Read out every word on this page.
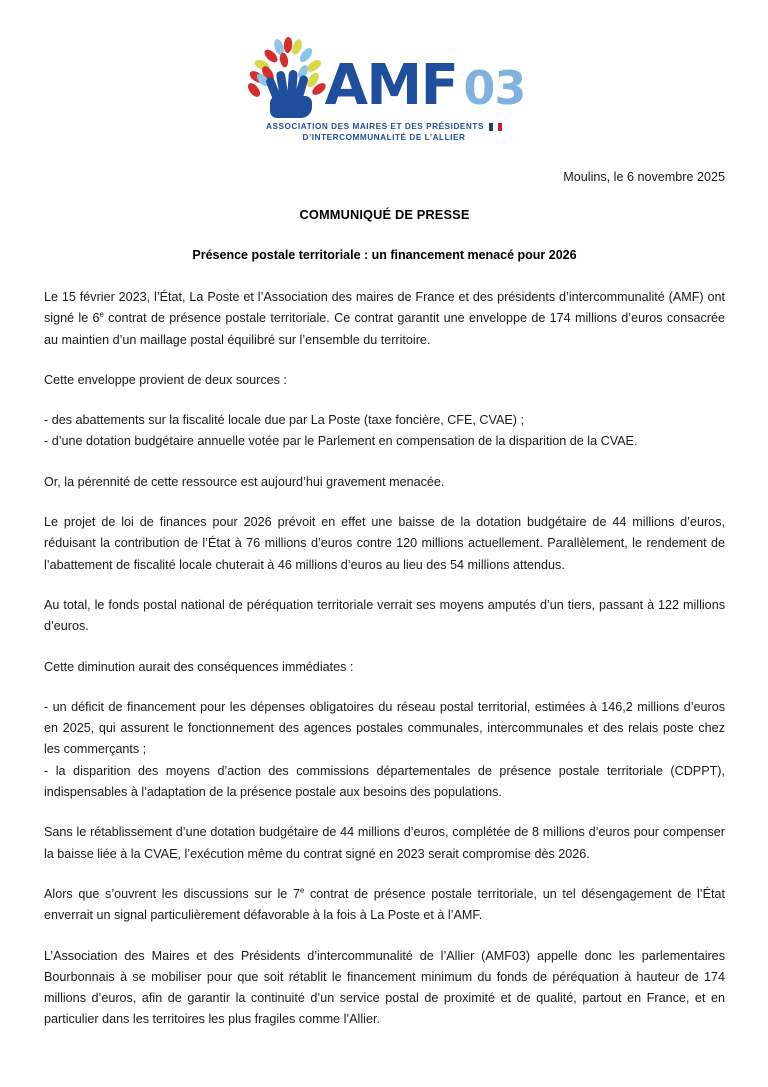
AMF 03
ASSOCIATION DES MAIRES ET DES PRÉSIDENTS
D’INTERCOMMUNALITÉ DE L’ALLIER
Moulins, le 6 novembre 2025
COMMUNIQUÉ DE PRESSE
Présence postale territoriale : un financement menacé pour 2026

Le 15 février 2023, l’État, La Poste et l’Association des maires de France et des présidents d’intercommunalité (AMF) ont signé le 6e contrat de présence postale territoriale. Ce contrat garantit une enveloppe de 174 millions d’euros consacrée au maintien d’un maillage postal équilibré sur l’ensemble du territoire.

Cette enveloppe provient de deux sources :

- des abattements sur la fiscalité locale due par La Poste (taxe foncière, CFE, CVAE) ;

- d’une dotation budgétaire annuelle votée par le Parlement en compensation de la disparition de la CVAE.

Or, la pérennité de cette ressource est aujourd’hui gravement menacée.

Le projet de loi de finances pour 2026 prévoit en effet une baisse de la dotation budgétaire de 44 millions d’euros, réduisant la contribution de l’État à 76 millions d’euros contre 120 millions actuellement. Parallèlement, le rendement de l’abattement de fiscalité locale chuterait à 46 millions d’euros au lieu des 54 millions attendus.

Au total, le fonds postal national de péréquation territoriale verrait ses moyens amputés d’un tiers, passant à 122 millions d’euros.

Cette diminution aurait des conséquences immédiates :

- un déficit de financement pour les dépenses obligatoires du réseau postal territorial, estimées à 146,2 millions d’euros en 2025, qui assurent le fonctionnement des agences postales communales, intercommunales et des relais poste chez les commerçants ;

- la disparition des moyens d’action des commissions départementales de présence postale territoriale (CDPPT), indispensables à l’adaptation de la présence postale aux besoins des populations.

Sans le rétablissement d’une dotation budgétaire de 44 millions d’euros, complétée de 8 millions d’euros pour compenser la baisse liée à la CVAE, l’exécution même du contrat signé en 2023 serait compromise dès 2026.

Alors que s’ouvrent les discussions sur le 7e contrat de présence postale territoriale, un tel désengagement de l’État enverrait un signal particulièrement défavorable à la fois à La Poste et à l’AMF.

L’Association des Maires et des Présidents d’intercommunalité de l’Allier (AMF03) appelle donc les parlementaires Bourbonnais à se mobiliser pour que soit rétablit le financement minimum du fonds de péréquation à hauteur de 174 millions d’euros, afin de garantir la continuité d’un service postal de proximité et de qualité, partout en France, et en particulier dans les territoires les plus fragiles comme l’Allier.
